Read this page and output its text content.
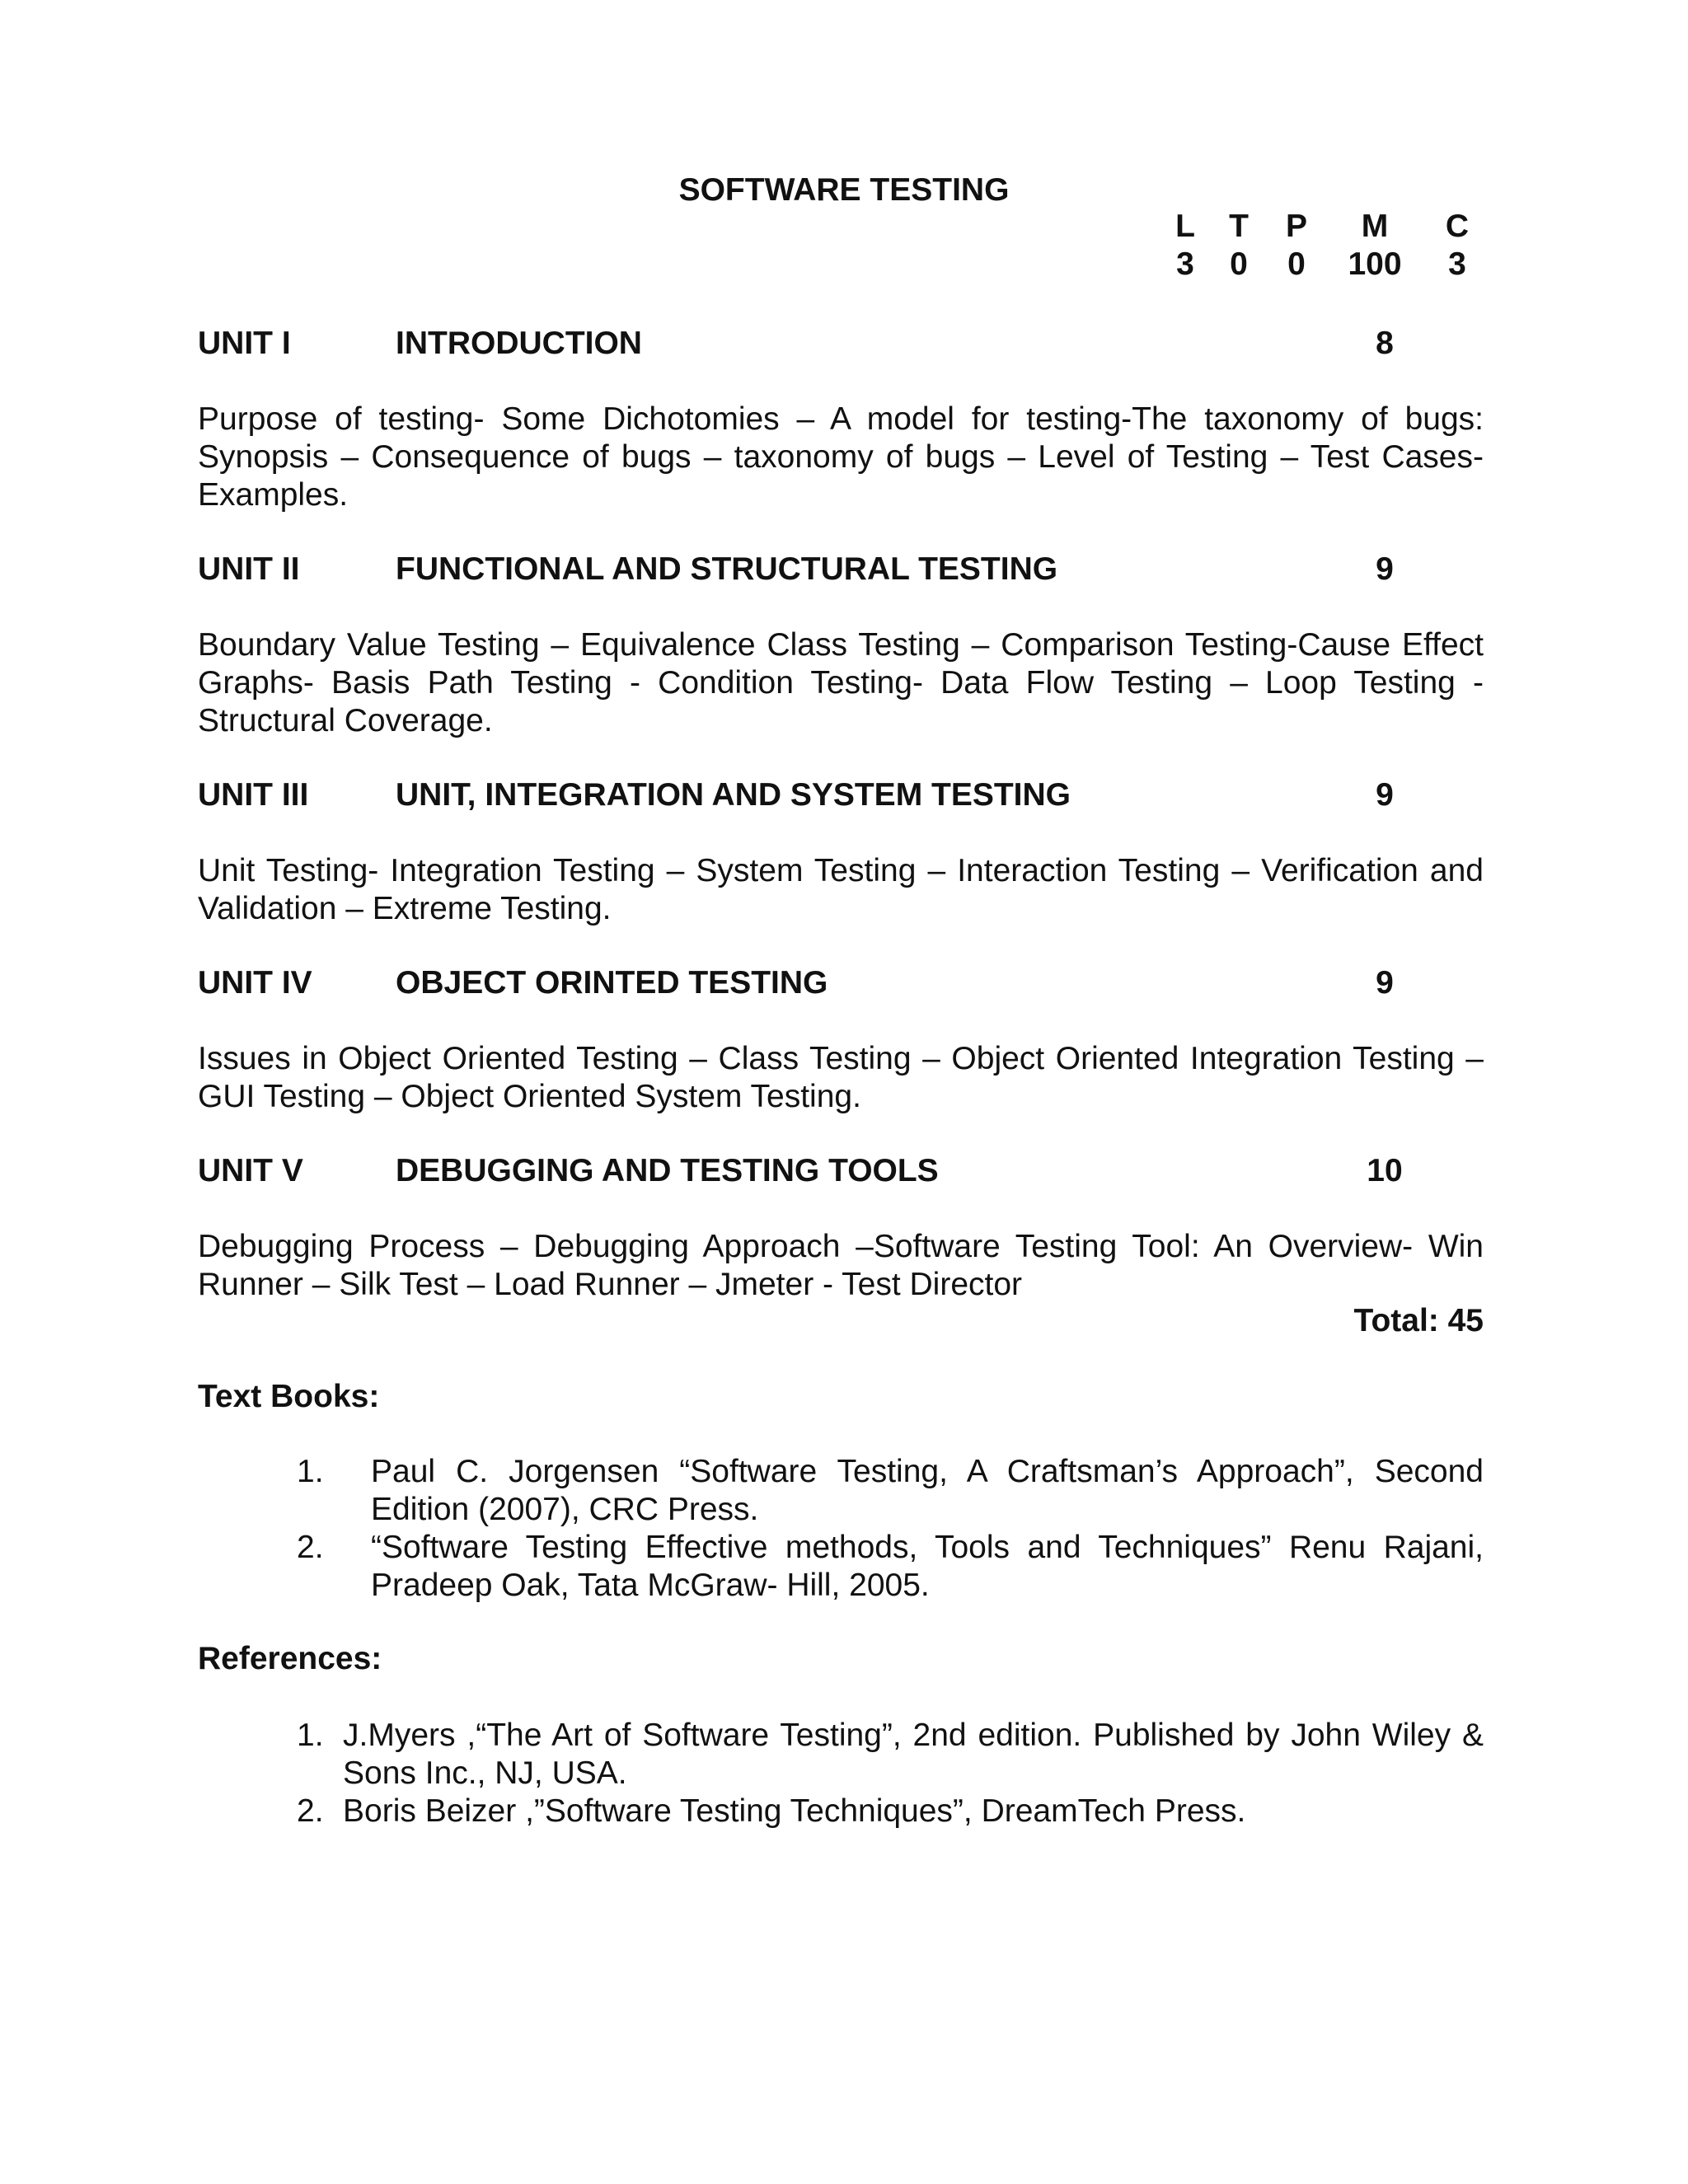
SOFTWARE TESTING
L	T	P	M	C
3	0	0	100	3
UNIT I	INTRODUCTION	8
Purpose of testing- Some Dichotomies – A model for testing-The taxonomy of bugs: Synopsis – Consequence of bugs – taxonomy of bugs – Level of Testing – Test Cases-Examples.
UNIT II	FUNCTIONAL AND STRUCTURAL TESTING	9
Boundary Value Testing – Equivalence Class Testing – Comparison Testing-Cause Effect Graphs- Basis Path Testing - Condition Testing- Data Flow Testing – Loop Testing - Structural Coverage.
UNIT III	UNIT, INTEGRATION AND SYSTEM TESTING	9
Unit Testing- Integration Testing – System Testing – Interaction Testing – Verification and Validation – Extreme Testing.
UNIT IV	OBJECT ORINTED TESTING	9
Issues in Object Oriented Testing – Class Testing – Object Oriented Integration Testing – GUI Testing – Object Oriented System Testing.
UNIT V	DEBUGGING AND TESTING TOOLS	10
Debugging Process – Debugging Approach –Software Testing Tool: An Overview- Win Runner – Silk Test – Load Runner – Jmeter - Test Director
Total: 45
Text Books:
1. Paul C. Jorgensen “Software Testing, A Craftsman’s Approach”, Second Edition (2007), CRC Press.
2. “Software Testing Effective methods, Tools and Techniques” Renu Rajani, Pradeep Oak, Tata McGraw- Hill, 2005.
References:
1. J.Myers ,“The Art of Software Testing”, 2nd edition. Published by John Wiley & Sons Inc., NJ, USA.
2. Boris Beizer ,”Software Testing Techniques”, DreamTech Press.
